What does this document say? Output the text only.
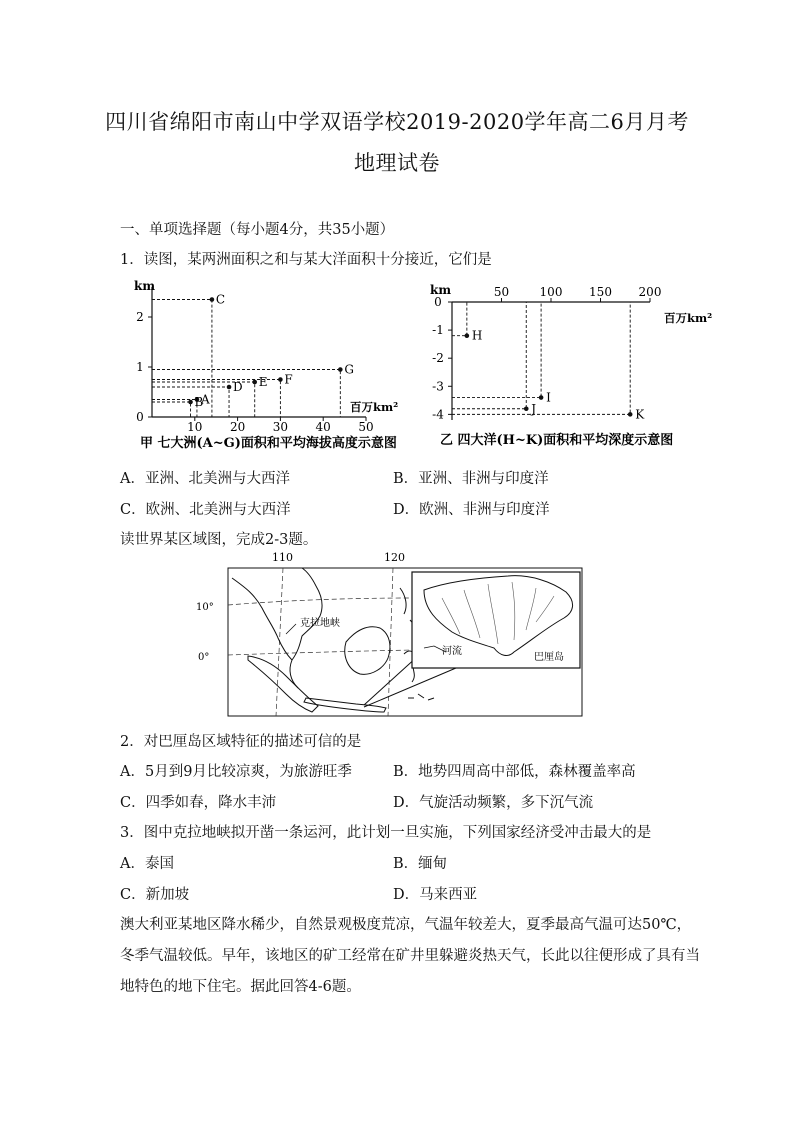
四川省绵阳市南山中学双语学校2019-2020学年高二6月月考
地理试卷
一、单项选择题（每小题4分，共35小题）
1．读图，某两洲面积之和与某大洋面积十分接近，它们是
km
百万km²
甲 七大洲(A~G)面积和平均海拔高度示意图
0
1
2
10 20 30 40 50
A
B
C
D E F
G
km
百万km²
乙 四大洋(H~K)面积和平均深度示意图
0
-1
-2
-3
-4
50	100 150 200
H
I
J	K
A．亚洲、北美洲与大西洋	B．亚洲、非洲与印度洋
C．欧洲、北美洲与大西洋	D．欧洲、非洲与印度洋
读世界某区域图，完成2-3题。
110	120
10°
0°
克拉地峡
河流
巴厘岛
2．对巴厘岛区域特征的描述可信的是
A．5月到9月比较凉爽，为旅游旺季	B．地势四周高中部低，森林覆盖率高
C．四季如春，降水丰沛	D．气旋活动频繁，多下沉气流
3．图中克拉地峡拟开凿一条运河，此计划一旦实施，下列国家经济受冲击最大的是
A．泰国	B．缅甸
C．新加坡	D．马来西亚
澳大利亚某地区降水稀少，自然景观极度荒凉，气温年较差大，夏季最高气温可达50℃，
冬季气温较低。早年，该地区的矿工经常在矿井里躲避炎热天气，长此以往便形成了具有当
地特色的地下住宅。据此回答4-6题。
